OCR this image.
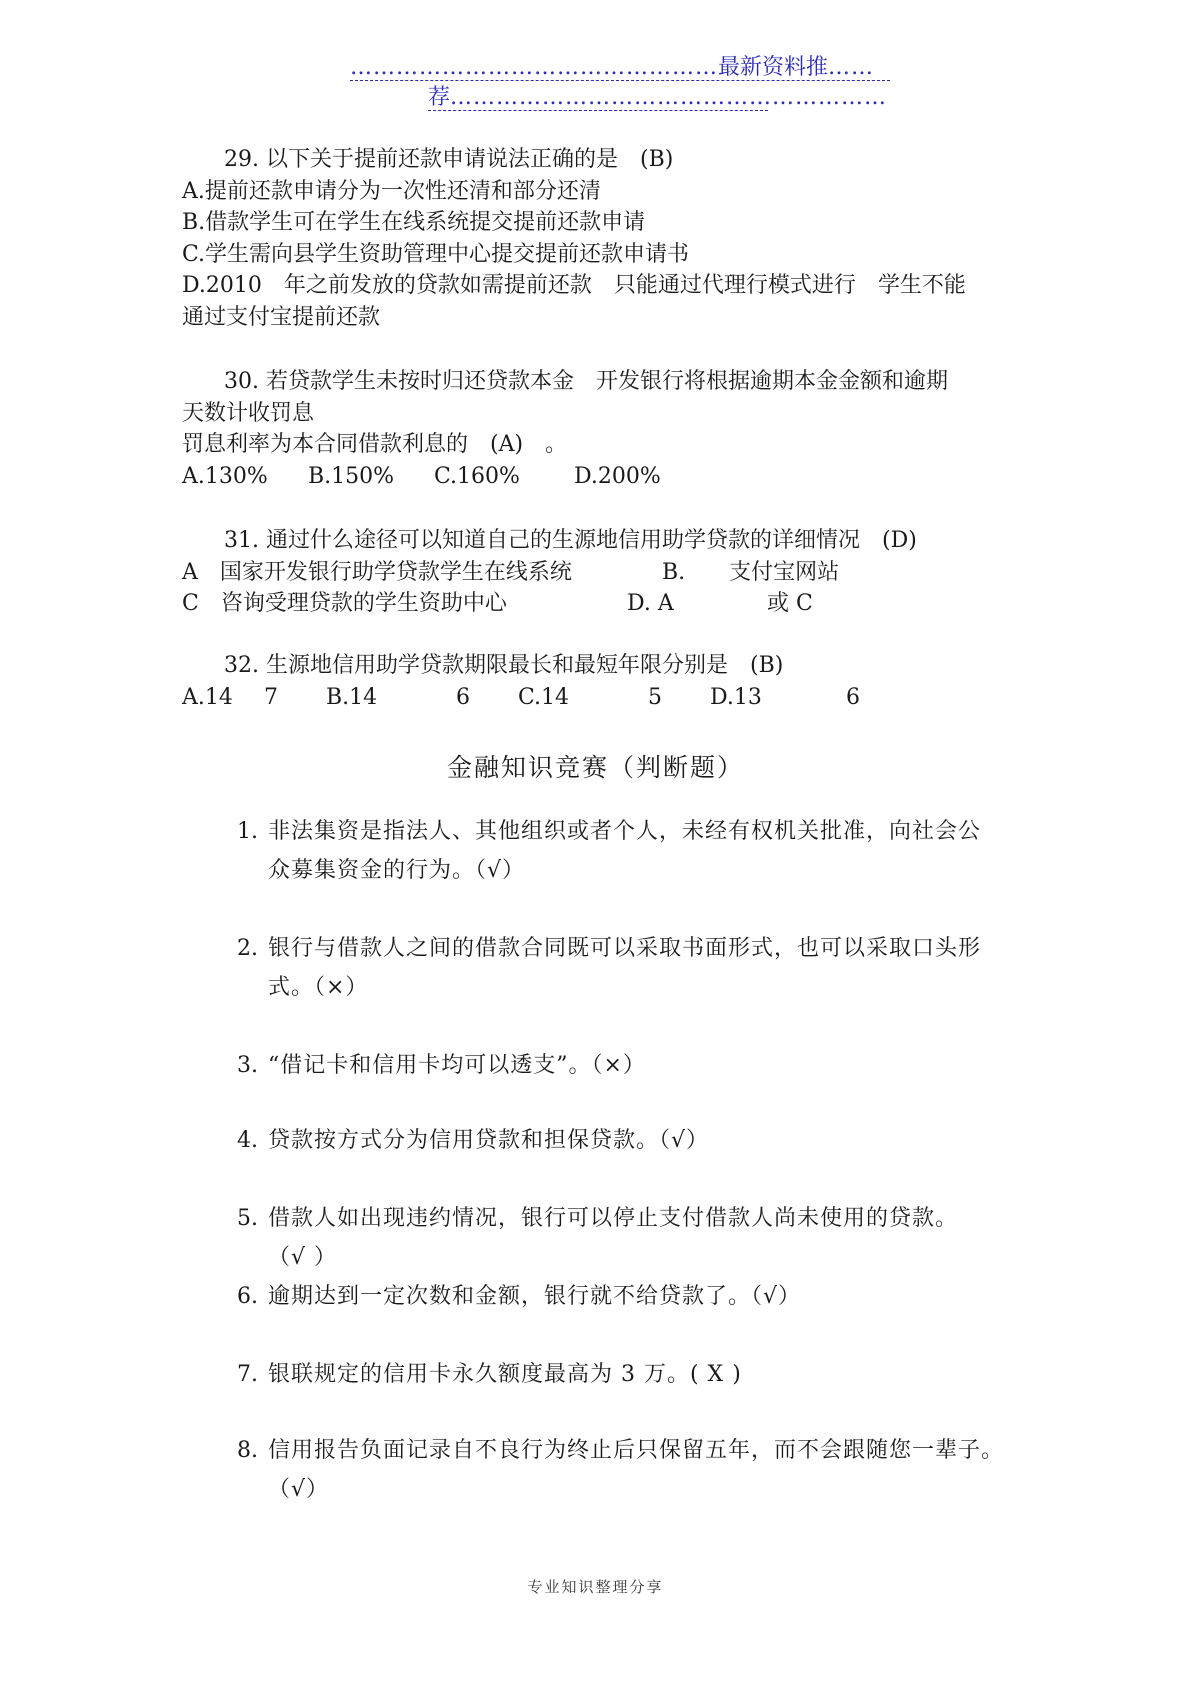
…………………………………………最新资料推……
荐…………………………………………………

29. 以下关于提前还款申请说法正确的是　(B)

A.提前还款申请分为一次性还清和部分还清

B.借款学生可在学生在线系统提交提前还款申请

C.学生需向县学生资助管理中心提交提前还款申请书

D.2010　年之前发放的贷款如需提前还款　只能通过代理行模式进行　学生不能

通过支付宝提前还款

30. 若贷款学生未按时归还贷款本金　开发银行将根据逾期本金金额和逾期

天数计收罚息

罚息利率为本合同借款利息的　(A)　。

A.130% B.150% C.160% D.200%

31. 通过什么途径可以知道自己的生源地信用助学贷款的详细情况　(D)

A　国家开发银行助学贷款学生在线系统	B.　　支付宝网站

C　咨询受理贷款的学生资助中心	D. A	或 C

32. 生源地信用助学贷款期限最长和最短年限分别是　(B)

A.14 7 B.14	6 C.14	5 D.13	6

金融知识竞赛（判断题）
1. 非法集资是指法人、其他组织或者个人，未经有权机关批准，向社会公
众募集资金的行为。（√）
2. 银行与借款人之间的借款合同既可以采取书面形式，也可以采取口头形
式。（×）
3. “借记卡和信用卡均可以透支”。（×）
4. 贷款按方式分为信用贷款和担保贷款。（√）
5. 借款人如出现违约情况，银行可以停止支付借款人尚未使用的贷款。
（√ ）
6. 逾期达到一定次数和金额，银行就不给贷款了。（√）
7. 银联规定的信用卡永久额度最高为 3 万。( X )
8. 信用报告负面记录自不良行为终止后只保留五年，而不会跟随您一辈子。
（√）
专业知识整理分享
